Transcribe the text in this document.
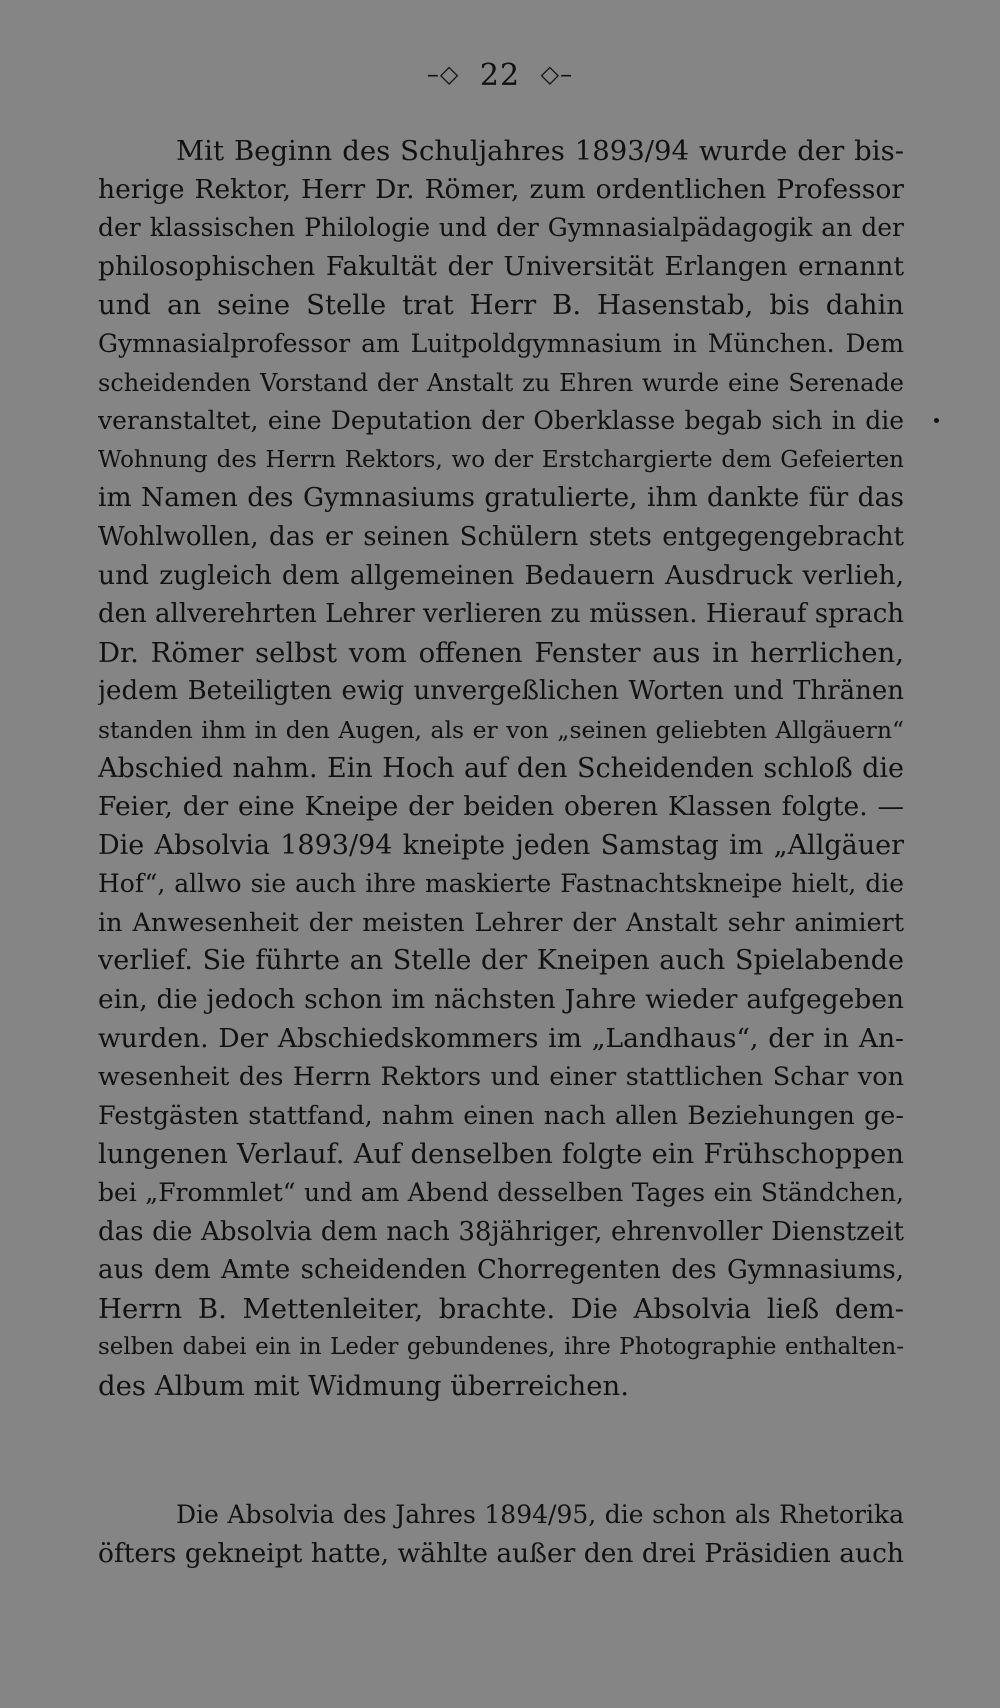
–◇ 22 ◇–
Mit Beginn des Schuljahres 1893/94 wurde der bis-
herige Rektor, Herr Dr. Römer, zum ordentlichen Professor
der klassischen Philologie und der Gymnasialpädagogik an der
philosophischen Fakultät der Universität Erlangen ernannt
und an seine Stelle trat Herr B. Hasenstab, bis dahin
Gymnasialprofessor am Luitpoldgymnasium in München. Dem
scheidenden Vorstand der Anstalt zu Ehren wurde eine Serenade
veranstaltet, eine Deputation der Oberklasse begab sich in die
Wohnung des Herrn Rektors, wo der Erstchargierte dem Gefeierten
im Namen des Gymnasiums gratulierte, ihm dankte für das
Wohlwollen, das er seinen Schülern stets entgegengebracht
und zugleich dem allgemeinen Bedauern Ausdruck verlieh,
den allverehrten Lehrer verlieren zu müssen. Hierauf sprach
Dr. Römer selbst vom offenen Fenster aus in herrlichen,
jedem Beteiligten ewig unvergeßlichen Worten und Thränen
standen ihm in den Augen, als er von „seinen geliebten Allgäuern“
Abschied nahm. Ein Hoch auf den Scheidenden schloß die
Feier, der eine Kneipe der beiden oberen Klassen folgte. —
Die Absolvia 1893/94 kneipte jeden Samstag im „Allgäuer
Hof“, allwo sie auch ihre maskierte Fastnachtskneipe hielt, die
in Anwesenheit der meisten Lehrer der Anstalt sehr animiert
verlief. Sie führte an Stelle der Kneipen auch Spielabende
ein, die jedoch schon im nächsten Jahre wieder aufgegeben
wurden. Der Abschiedskommers im „Landhaus“, der in An-
wesenheit des Herrn Rektors und einer stattlichen Schar von
Festgästen stattfand, nahm einen nach allen Beziehungen ge-
lungenen Verlauf. Auf denselben folgte ein Frühschoppen
bei „Frommlet“ und am Abend desselben Tages ein Ständchen,
das die Absolvia dem nach 38jähriger, ehrenvoller Dienstzeit
aus dem Amte scheidenden Chorregenten des Gymnasiums,
Herrn B. Mettenleiter, brachte. Die Absolvia ließ dem-
selben dabei ein in Leder gebundenes, ihre Photographie enthalten-
des Album mit Widmung überreichen.
Die Absolvia des Jahres 1894/95, die schon als Rhetorika
öfters gekneipt hatte, wählte außer den drei Präsidien auch
